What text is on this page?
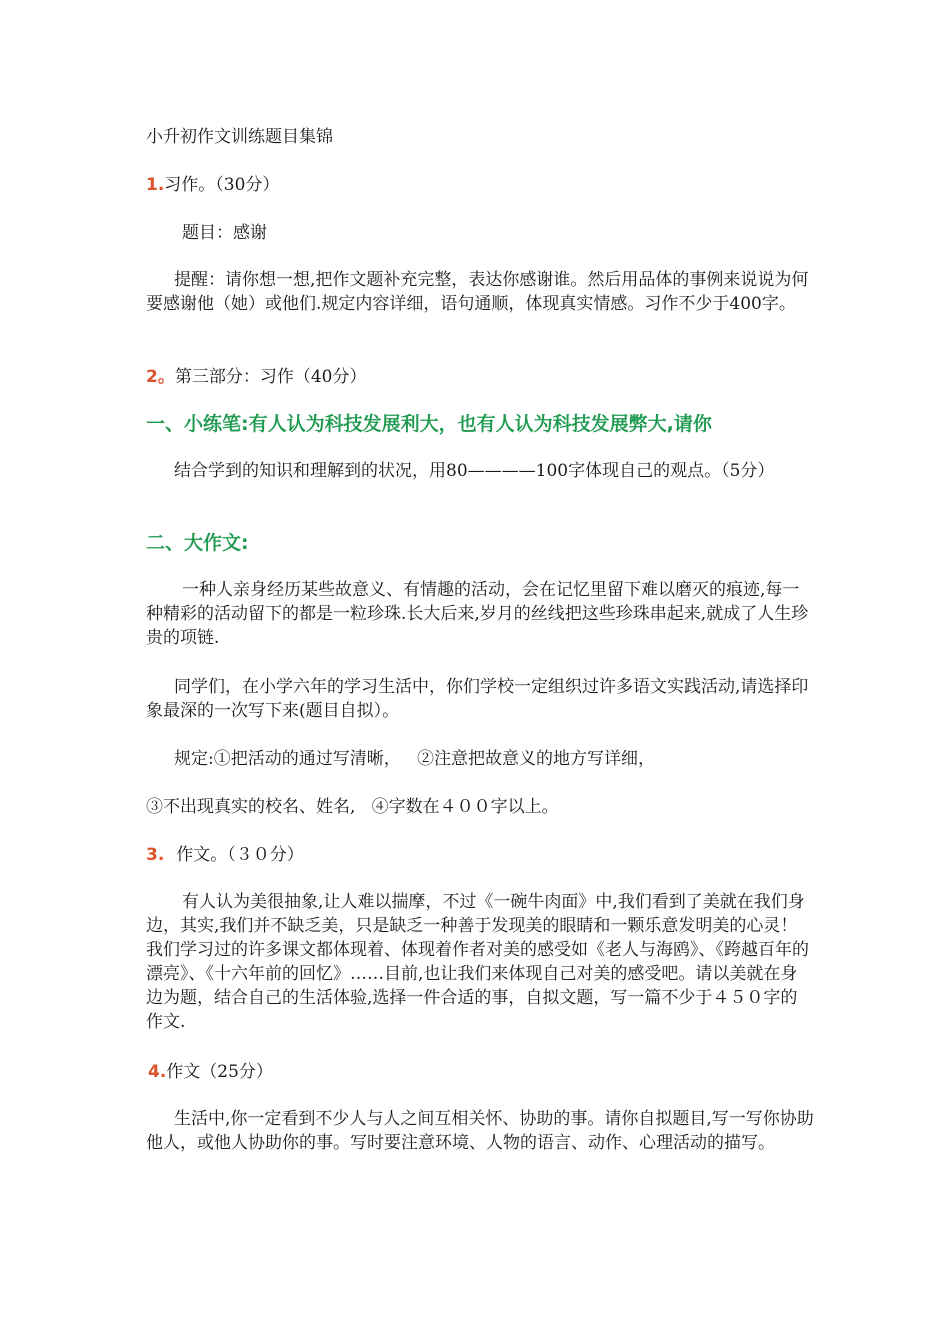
小升初作文训练题目集锦

1.习作。（30分）

题目：感谢

提醒：请你想一想,把作文题补充完整，表达你感谢谁。然后用品体的事例来说说为何要感谢他（她）或他们.规定内容详细，语句通顺，体现真实情感。习作不少于400字。

2。第三部分：习作（40分）

一、小练笔:有人认为科技发展利大，也有人认为科技发展弊大,请你

结合学到的知识和理解到的状况，用80————100字体现自己的观点。（5分）

二、大作文:

一种人亲身经历某些故意义、有情趣的活动，会在记忆里留下难以磨灭的痕迹,每一种精彩的活动留下的都是一粒珍珠.长大后来,岁月的丝线把这些珍珠串起来,就成了人生珍贵的项链.

同学们，在小学六年的学习生活中，你们学校一定组织过许多语文实践活动,请选择印象最深的一次写下来(题目自拟）。

规定:①把活动的通过写清晰，   ②注意把故意义的地方写详细，

③不出现真实的校名、姓名,   ④字数在４００字以上。

3. 作文。（３０分）

有人认为美很抽象,让人难以揣摩，不过《一碗牛肉面》中,我们看到了美就在我们身边，其实,我们并不缺乏美，只是缺乏一种善于发现美的眼睛和一颗乐意发明美的心灵！我们学习过的许多课文都体现着、体现着作者对美的感受如《老人与海鸥》、《跨越百年的漂亮》、《十六年前的回忆》……目前,也让我们来体现自己对美的感受吧。请以美就在身边为题，结合自己的生活体验,选择一件合适的事，自拟文题，写一篇不少于４５０字的作文.

4.作文（25分）

生活中,你一定看到不少人与人之间互相关怀、协助的事。请你自拟题目,写一写你协助他人，或他人协助你的事。写时要注意环境、人物的语言、动作、心理活动的描写。
